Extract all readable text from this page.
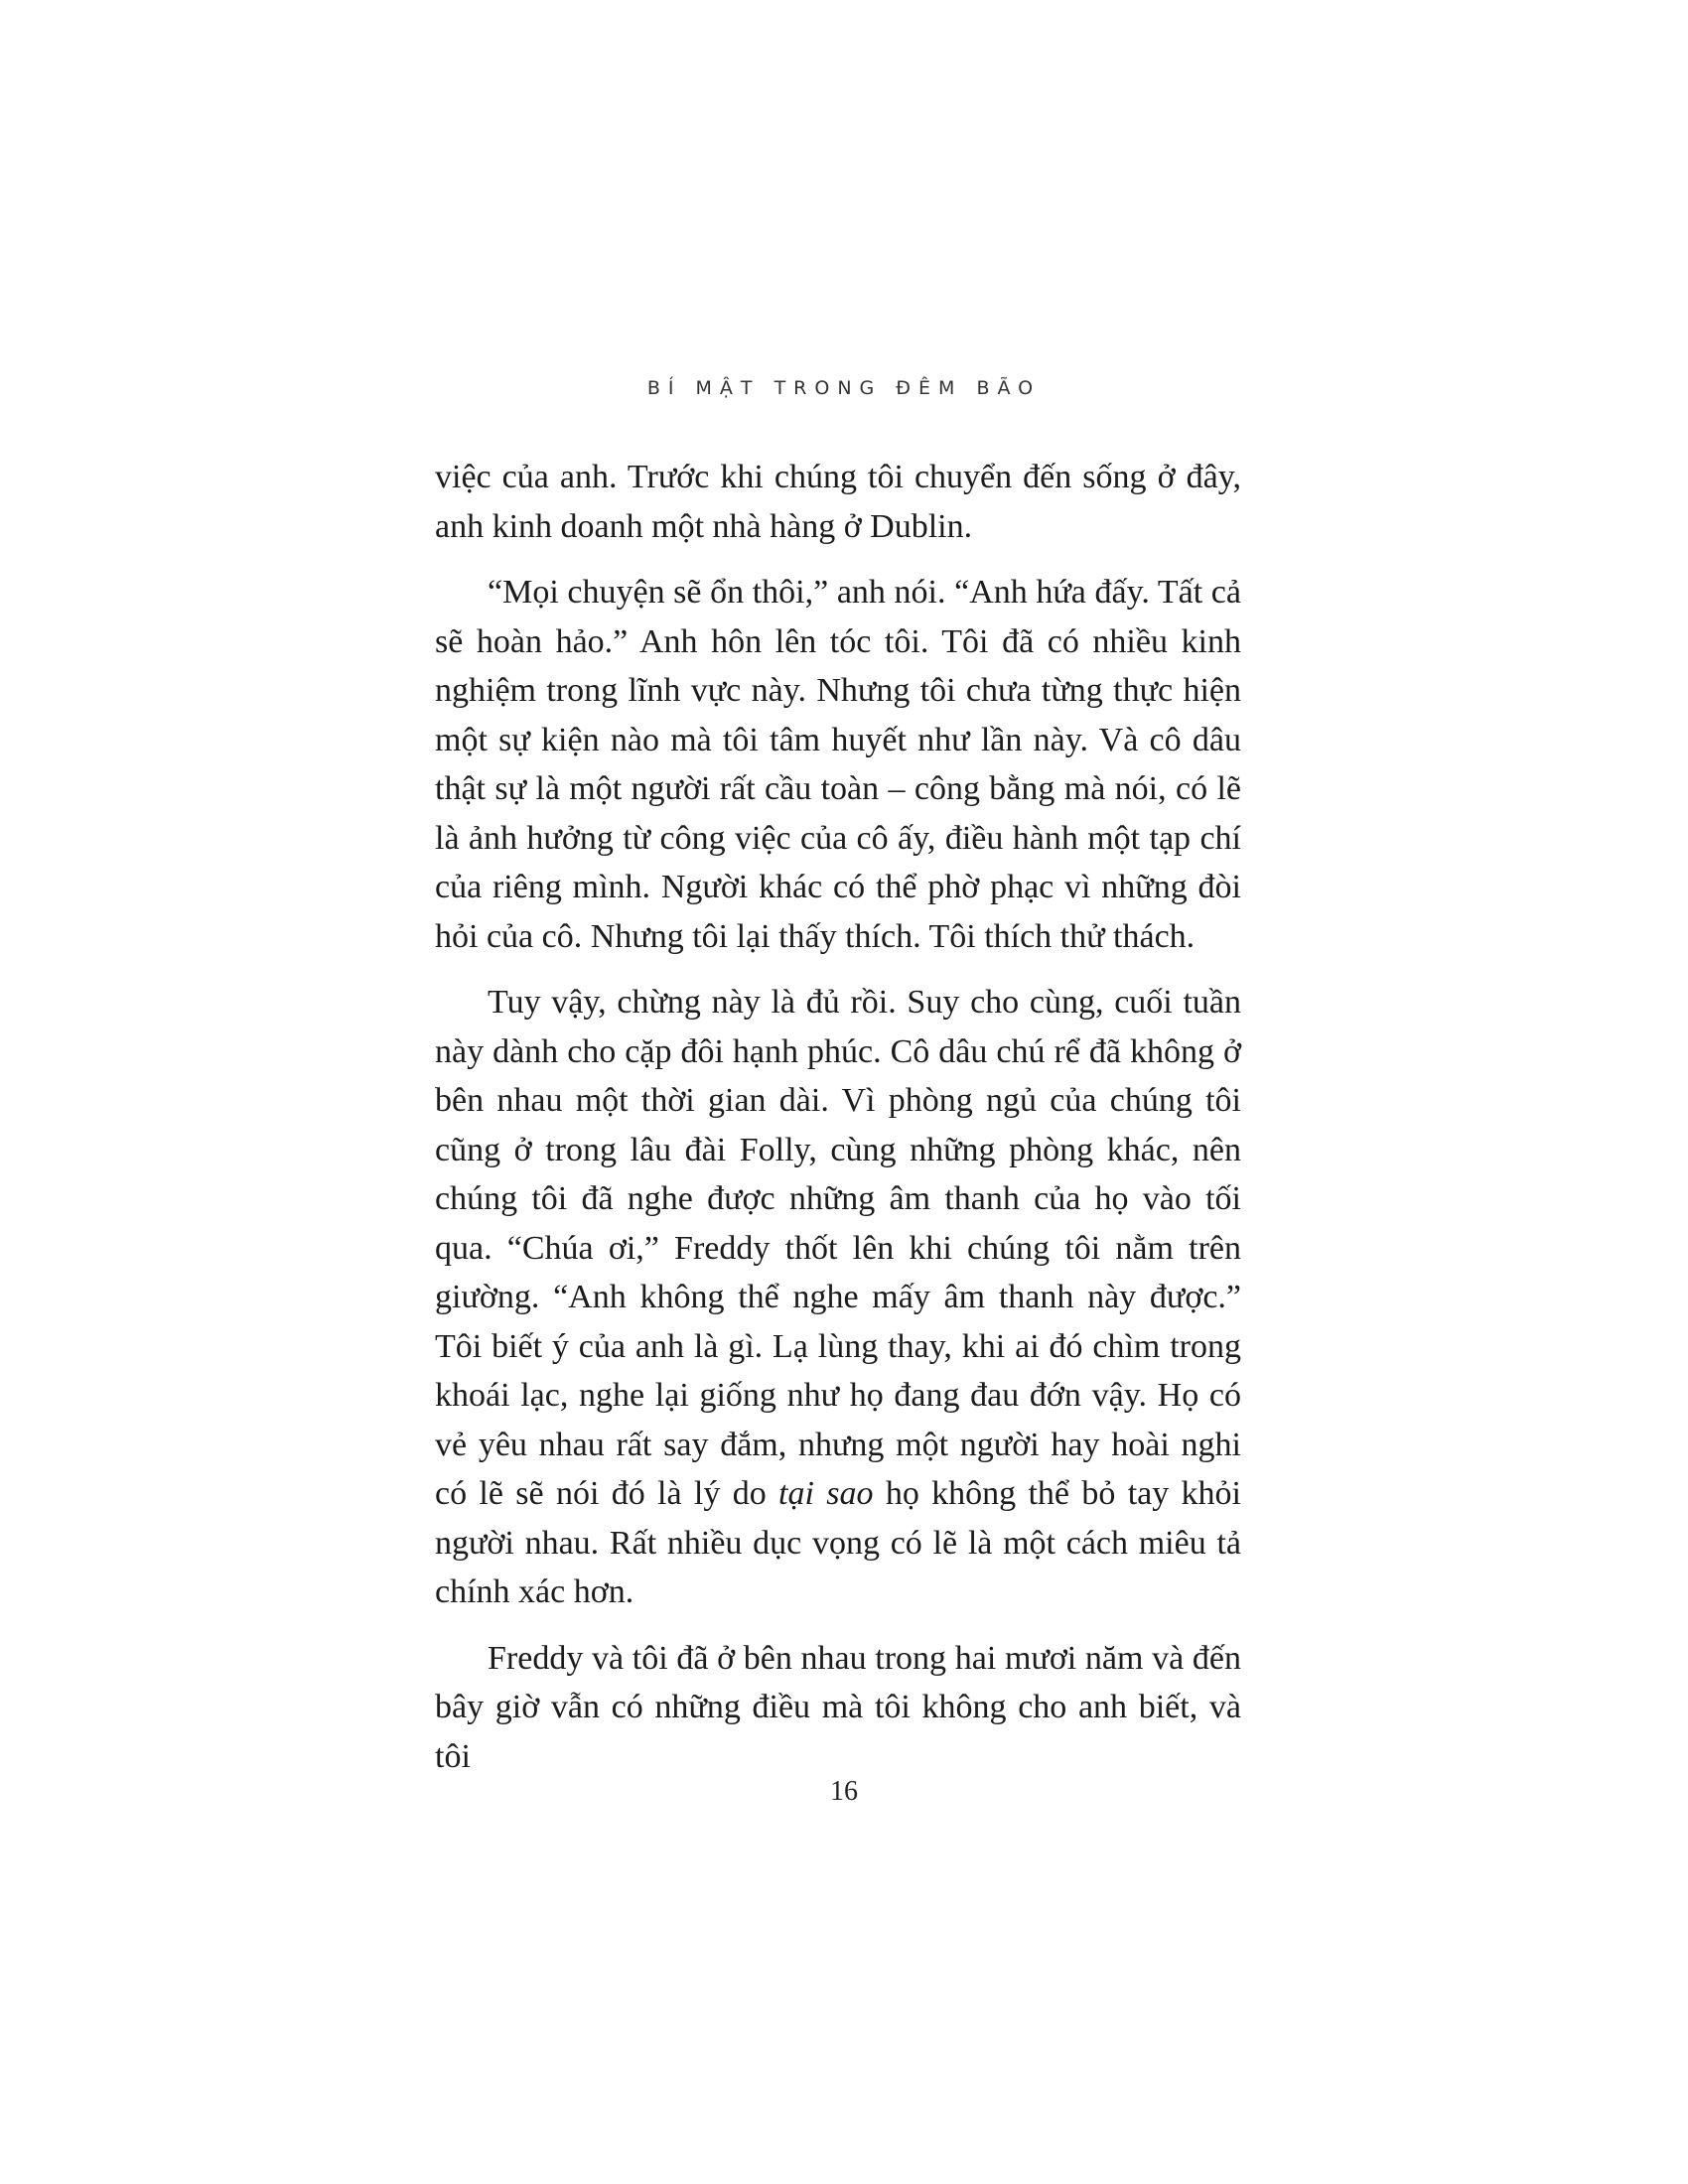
BÍ MẬT TRONG ĐÊM BÃO

việc của anh. Trước khi chúng tôi chuyển đến sống ở đây, anh kinh doanh một nhà hàng ở Dublin.

“Mọi chuyện sẽ ổn thôi,” anh nói. “Anh hứa đấy. Tất cả sẽ hoàn hảo.” Anh hôn lên tóc tôi. Tôi đã có nhiều kinh nghiệm trong lĩnh vực này. Nhưng tôi chưa từng thực hiện một sự kiện nào mà tôi tâm huyết như lần này. Và cô dâu thật sự là một người rất cầu toàn – công bằng mà nói, có lẽ là ảnh hưởng từ công việc của cô ấy, điều hành một tạp chí của riêng mình. Người khác có thể phờ phạc vì những đòi hỏi của cô. Nhưng tôi lại thấy thích. Tôi thích thử thách.

Tuy vậy, chừng này là đủ rồi. Suy cho cùng, cuối tuần này dành cho cặp đôi hạnh phúc. Cô dâu chú rể đã không ở bên nhau một thời gian dài. Vì phòng ngủ của chúng tôi cũng ở trong lâu đài Folly, cùng những phòng khác, nên chúng tôi đã nghe được những âm thanh của họ vào tối qua. “Chúa ơi,” Freddy thốt lên khi chúng tôi nằm trên giường. “Anh không thể nghe mấy âm thanh này được.” Tôi biết ý của anh là gì. Lạ lùng thay, khi ai đó chìm trong khoái lạc, nghe lại giống như họ đang đau đớn vậy. Họ có vẻ yêu nhau rất say đắm, nhưng một người hay hoài nghi có lẽ sẽ nói đó là lý do tại sao họ không thể bỏ tay khỏi người nhau. Rất nhiều dục vọng có lẽ là một cách miêu tả chính xác hơn.

Freddy và tôi đã ở bên nhau trong hai mươi năm và đến bây giờ vẫn có những điều mà tôi không cho anh biết, và tôi

16
